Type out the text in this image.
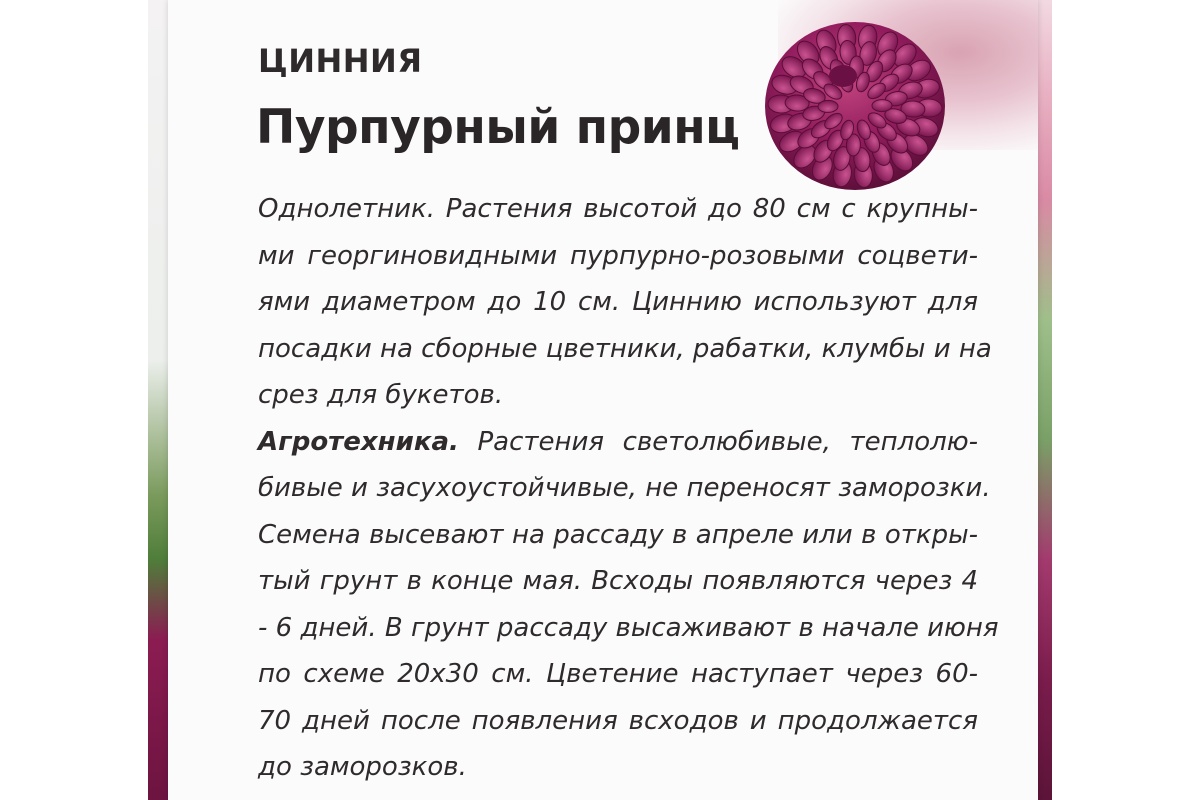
ЦИННИЯ
Пурпурный принц
Однолетник. Растения высотой до 80 см с крупны-
ми георгиновидными пурпурно-розовыми соцвети-
ями диаметром до 10 см. Циннию используют для
посадки на сборные цветники, рабатки, клумбы и на
срез для букетов.
Агротехника. Растения светолюбивые, теплолю-
бивые и засухоустойчивые, не переносят заморозки.
Семена высевают на рассаду в апреле или в откры-
тый грунт в конце мая. Всходы появляются через 4
- 6 дней. В грунт рассаду высаживают в начале июня
по схеме 20х30 см. Цветение наступает через 60-
70 дней после появления всходов и продолжается
до заморозков.
